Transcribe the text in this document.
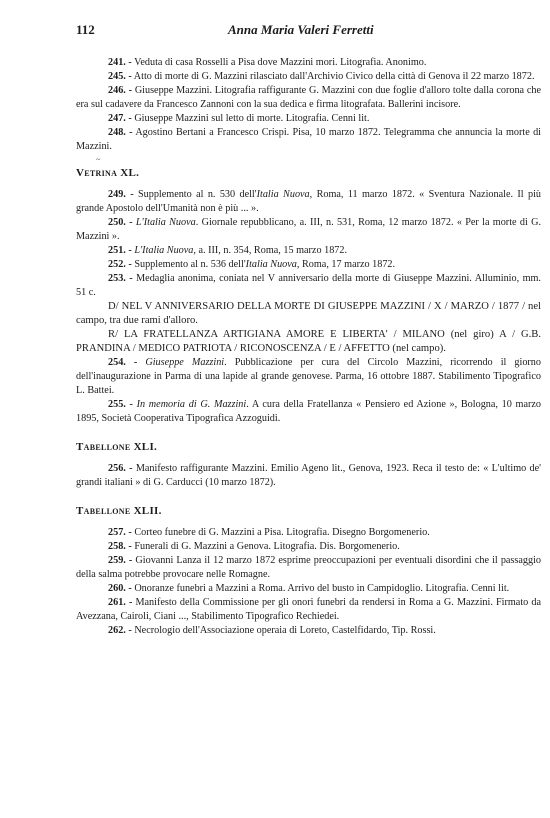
112	Anna Maria Valeri Ferretti

241. - Veduta di casa Rosselli a Pisa dove Mazzini mori. Litografia. Anonimo.

245. - Atto di morte di G. Mazzini rilasciato dall'Archivio Civico della città di Genova il 22 marzo 1872.

246. - Giuseppe Mazzini. Litografia raffigurante G. Mazzini con due foglie d'alloro tolte dalla corona che era sul cadavere da Francesco Zannoni con la sua dedica e firma litografata. Ballerini incisore.

247. - Giuseppe Mazzini sul letto di morte. Litografia. Cenni lit.

248. - Agostino Bertani a Francesco Crispi. Pisa, 10 marzo 1872. Telegramma che annuncia la morte di Mazzini.

~

Vetrina XL.

249. - Supplemento al n. 530 dell'Italia Nuova, Roma, 11 marzo 1872. « Sventura Nazionale. Il più grande Apostolo dell'Umanità non è più ... ».

250. - L'Italia Nuova. Giornale repubblicano, a. III, n. 531, Roma, 12 marzo 1872. « Per la morte di G. Mazzini ».

251. - L'Italia Nuova, a. III, n. 354, Roma, 15 marzo 1872.

252. - Supplemento al n. 536 dell'Italia Nuova, Roma, 17 marzo 1872.

253. - Medaglia anonima, coniata nel V anniversario della morte di Giuseppe Mazzini. Alluminio, mm. 51 c.

D/ NEL V ANNIVERSARIO DELLA MORTE DI GIUSEPPE MAZZINI / X / MARZO / 1877 / nel campo, tra due rami d'alloro.

R/ LA FRATELLANZA ARTIGIANA AMORE E LIBERTA' / MILANO (nel giro) A / G.B. PRANDINA / MEDICO PATRIOTA / RICONOSCENZA / E / AFFETTO (nel campo).

254. - Giuseppe Mazzini. Pubblicazione per cura del Circolo Mazzini, ricorrendo il giorno dell'inaugurazione in Parma di una lapide al grande genovese. Parma, 16 ottobre 1887. Stabilimento Tipografico L. Battei.

255. - In memoria di G. Mazzini. A cura della Fratellanza « Pensiero ed Azione », Bologna, 10 marzo 1895, Società Cooperativa Tipografica Azzoguidi.

Tabellone XLI.

256. - Manifesto raffigurante Mazzini. Emilio Ageno lit., Genova, 1923. Reca il testo de: « L'ultimo de' grandi italiani » di G. Carducci (10 marzo 1872).

Tabellone XLII.

257. - Corteo funebre di G. Mazzini a Pisa. Litografia. Disegno Borgomenerio.

258. - Funerali di G. Mazzini a Genova. Litografia. Dis. Borgomenerio.

259. - Giovanni Lanza il 12 marzo 1872 esprime preoccupazioni per eventuali disordini che il passaggio della salma potrebbe provocare nelle Romagne.

260. - Onoranze funebri a Mazzini a Roma. Arrivo del busto in Campidoglio. Litografia. Cenni lit.

261. - Manifesto della Commissione per gli onori funebri da rendersi in Roma a G. Mazzini. Firmato da Avezzana, Cairoli, Ciani ..., Stabilimento Tipografico Rechiedei.

262. - Necrologio dell'Associazione operaia di Loreto, Castelfidardo, Tip. Rossi.
